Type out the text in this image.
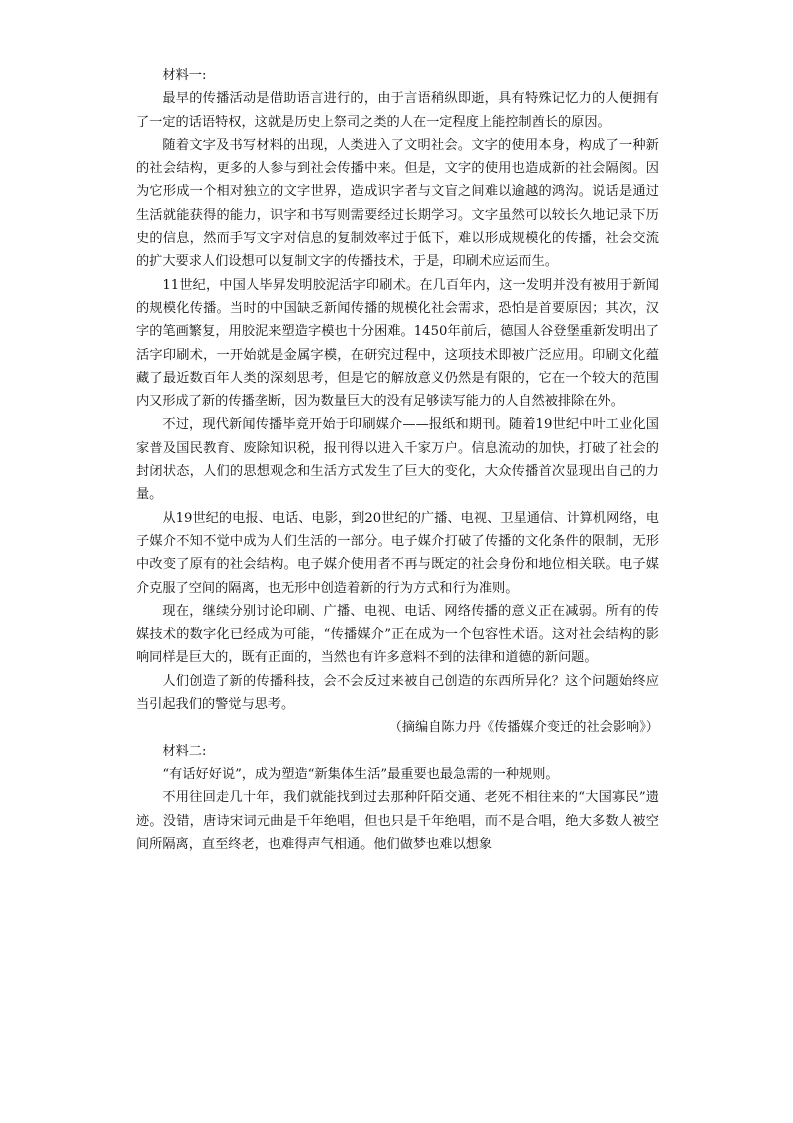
材料一:

最早的传播活动是借助语言进行的，由于言语稍纵即逝，具有特殊记忆力的人便拥有了一定的话语特权，这就是历史上祭司之类的人在一定程度上能控制酋长的原因。

随着文字及书写材料的出现，人类进入了文明社会。文字的使用本身，构成了一种新的社会结构，更多的人参与到社会传播中来。但是，文字的使用也造成新的社会隔阂。因为它形成一个相对独立的文字世界，造成识字者与文盲之间难以逾越的鸿沟。说话是通过生活就能获得的能力，识字和书写则需要经过长期学习。文字虽然可以较长久地记录下历史的信息，然而手写文字对信息的复制效率过于低下，难以形成规模化的传播，社会交流的扩大要求人们设想可以复制文字的传播技术，于是，印刷术应运而生。

11世纪，中国人毕昇发明胶泥活字印刷术。在几百年内，这一发明并没有被用于新闻的规模化传播。当时的中国缺乏新闻传播的规模化社会需求，恐怕是首要原因；其次，汉字的笔画繁复，用胶泥来塑造字模也十分困难。1450年前后，德国人谷登堡重新发明出了活字印刷术，一开始就是金属字模，在研究过程中，这项技术即被广泛应用。印刷文化蕴藏了最近数百年人类的深刻思考，但是它的解放意义仍然是有限的，它在一个较大的范围内又形成了新的传播垄断，因为数量巨大的没有足够读写能力的人自然被排除在外。

不过，现代新闻传播毕竟开始于印刷媒介——报纸和期刊。随着19世纪中叶工业化国家普及国民教育、废除知识税，报刊得以进入千家万户。信息流动的加快，打破了社会的封闭状态，人们的思想观念和生活方式发生了巨大的变化，大众传播首次显现出自己的力量。

从19世纪的电报、电话、电影，到20世纪的广播、电视、卫星通信、计算机网络，电子媒介不知不觉中成为人们生活的一部分。电子媒介打破了传播的文化条件的限制，无形中改变了原有的社会结构。电子媒介使用者不再与既定的社会身份和地位相关联。电子媒介克服了空间的隔离，也无形中创造着新的行为方式和行为准则。

现在，继续分别讨论印刷、广播、电视、电话、网络传播的意义正在减弱。所有的传媒技术的数字化已经成为可能，“传播媒介”正在成为一个包容性术语。这对社会结构的影响同样是巨大的，既有正面的，当然也有许多意料不到的法律和道德的新问题。

人们创造了新的传播科技，会不会反过来被自己创造的东西所异化？这个问题始终应当引起我们的警觉与思考。

（摘编自陈力丹《传播媒介变迁的社会影响》）

材料二:

“有话好好说”，成为塑造“新集体生活”最重要也最急需的一种规则。

不用往回走几十年，我们就能找到过去那种阡陌交通、老死不相往来的“大国寡民”遗迹。没错，唐诗宋词元曲是千年绝唱，但也只是千年绝唱，而不是合唱，绝大多数人被空间所隔离，直至终老，也难得声气相通。他们做梦也难以想象
